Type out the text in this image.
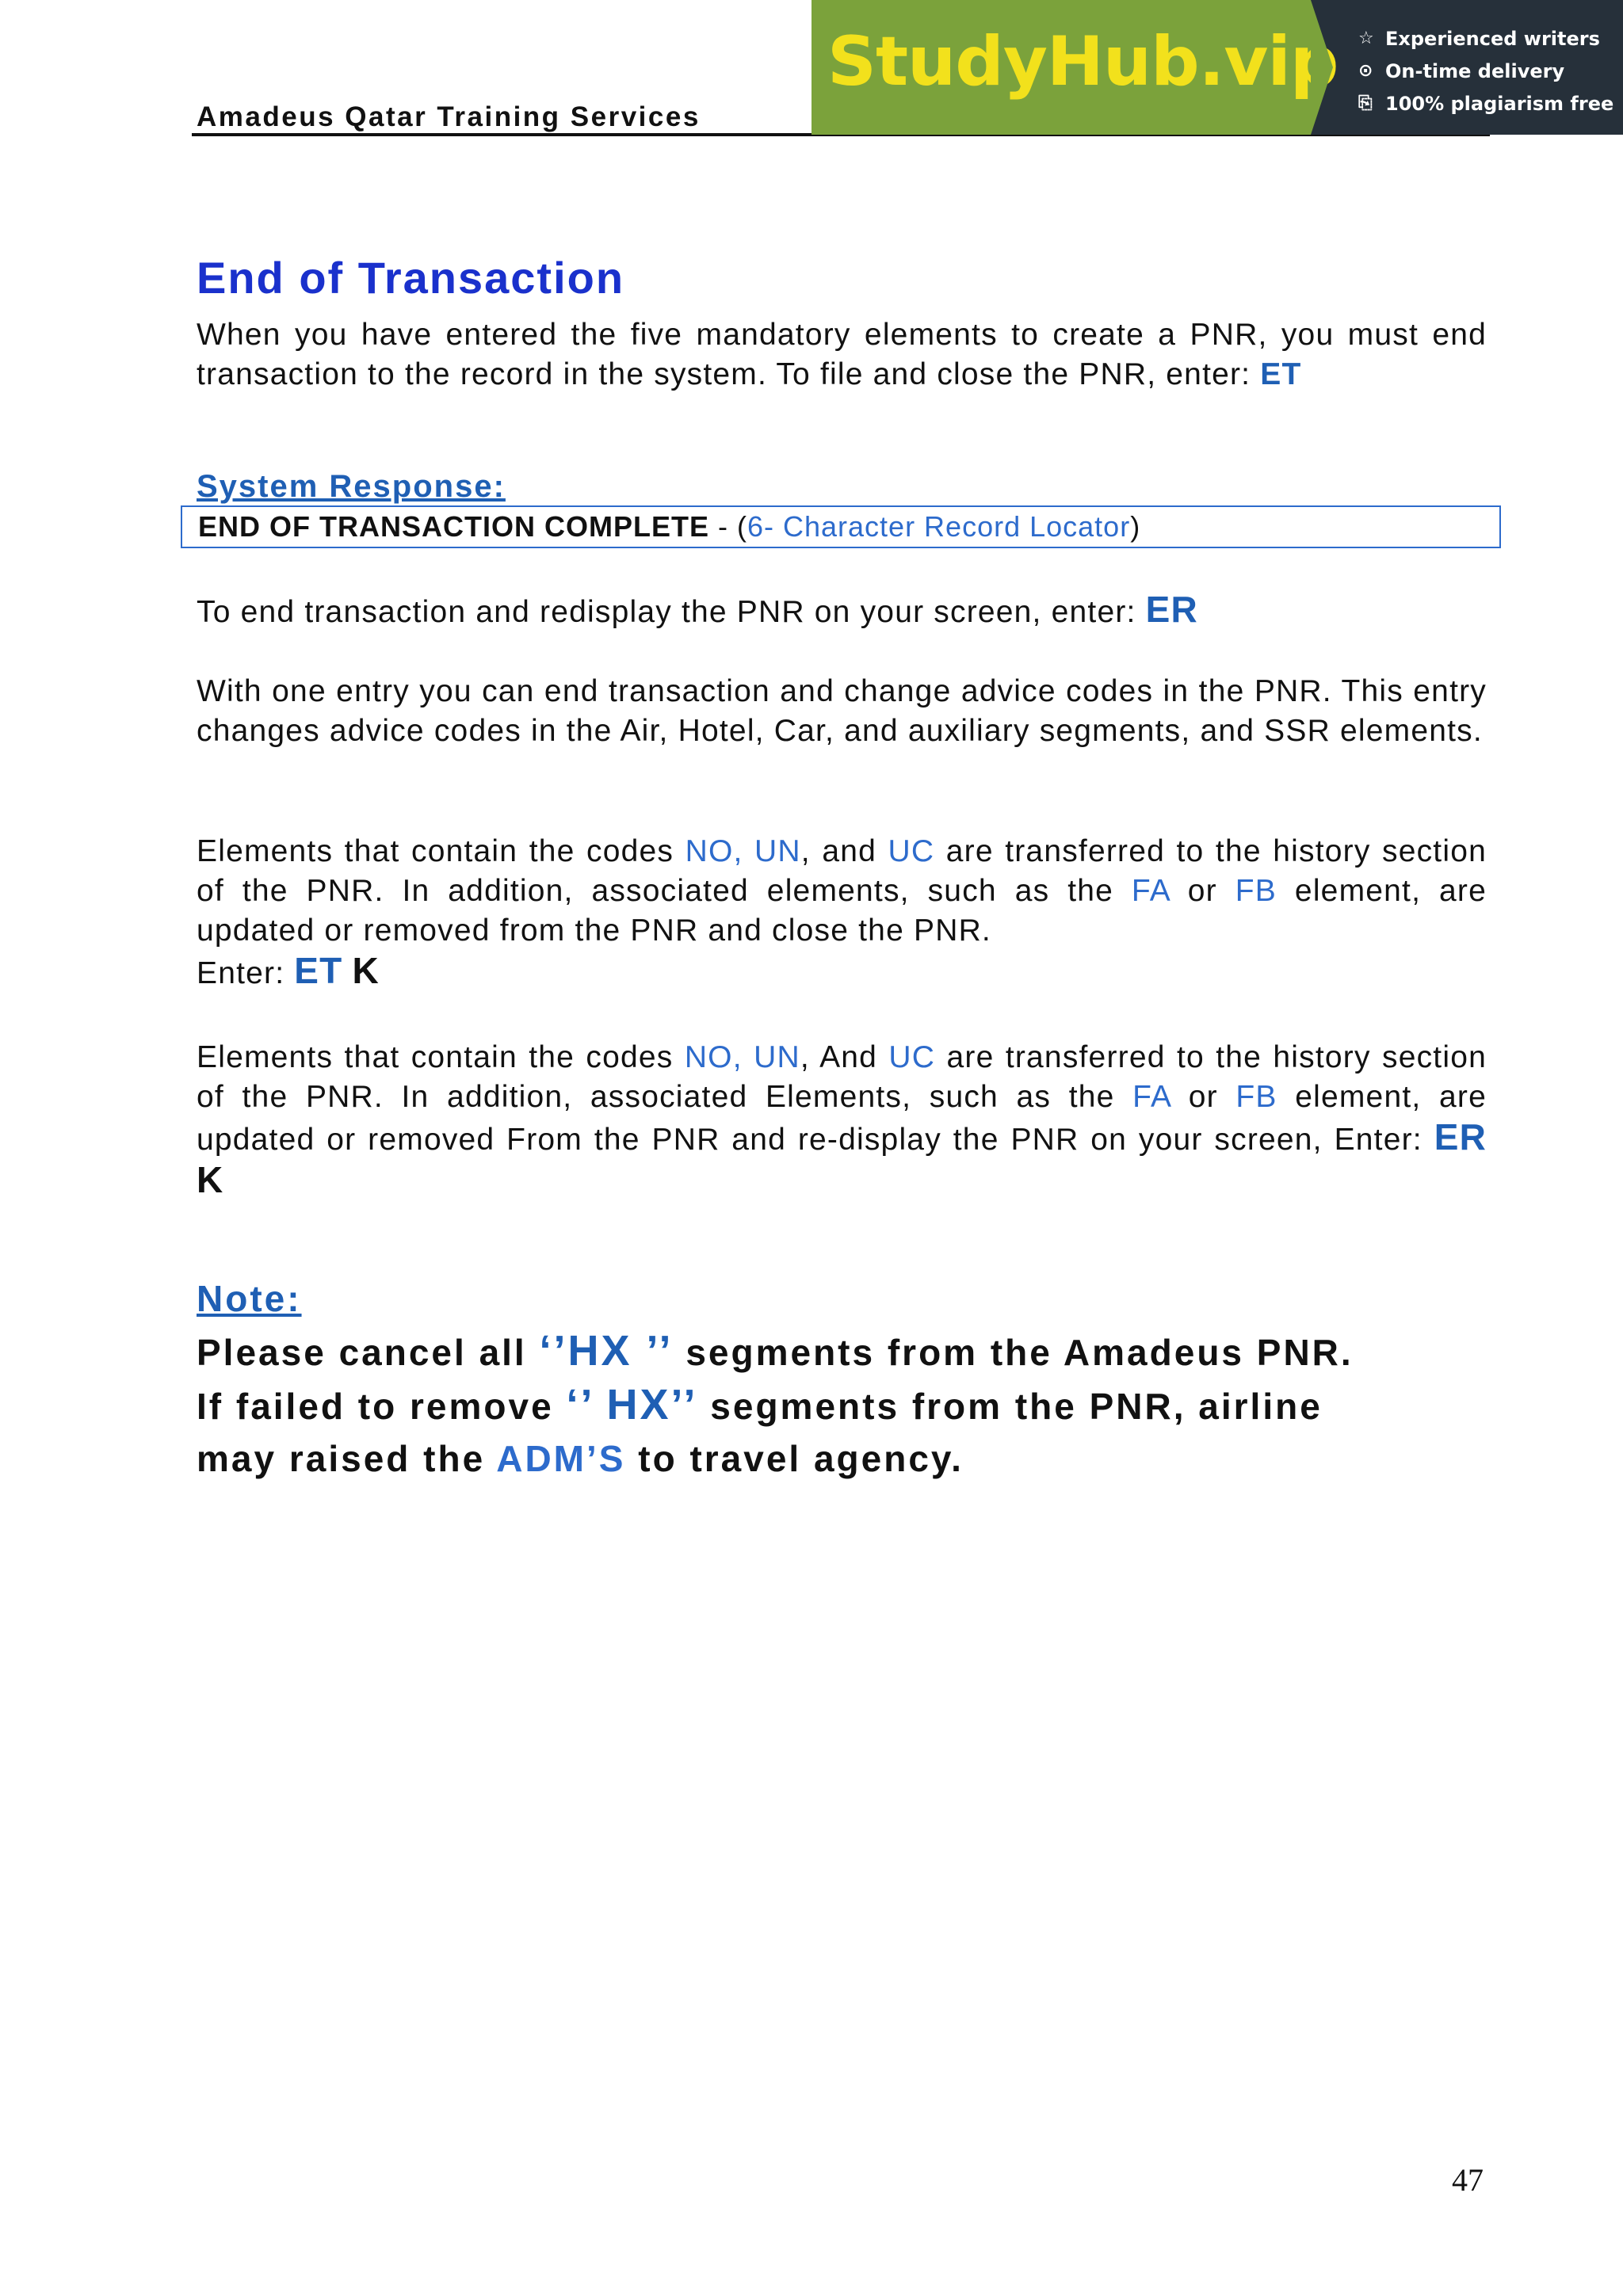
Amadeus Qatar Training Services
StudyHub.vip ☆ Experienced writers
⊙ On-time delivery
⎘ 100% plagiarism free
End of Transaction
When you have entered the five mandatory elements to create a PNR, you must end transaction to the record in the system. To file and close the PNR, enter: ET
System Response:
END OF TRANSACTION COMPLETE - (6- Character Record Locator)
To end transaction and redisplay the PNR on your screen, enter: ER
With one entry you can end transaction and change advice codes in the PNR. This entry changes advice codes in the Air, Hotel, Car, and auxiliary segments, and SSR elements.
Elements that contain the codes NO, UN, and UC are transferred to the history section of the PNR. In addition, associated elements, such as the FA or FB element, are updated or removed from the PNR and close the PNR.
Enter: ET K
Elements that contain the codes NO, UN, And UC are transferred to the history section of the PNR. In addition, associated Elements, such as the FA or FB element, are updated or removed From the PNR and re-display the PNR on your screen, Enter: ER K
Note:
Please cancel all ‘’HX ’’ segments from the Amadeus PNR.
If failed to remove ‘’ HX’’ segments from the PNR, airline
may raised the ADM’S to travel agency.
47
